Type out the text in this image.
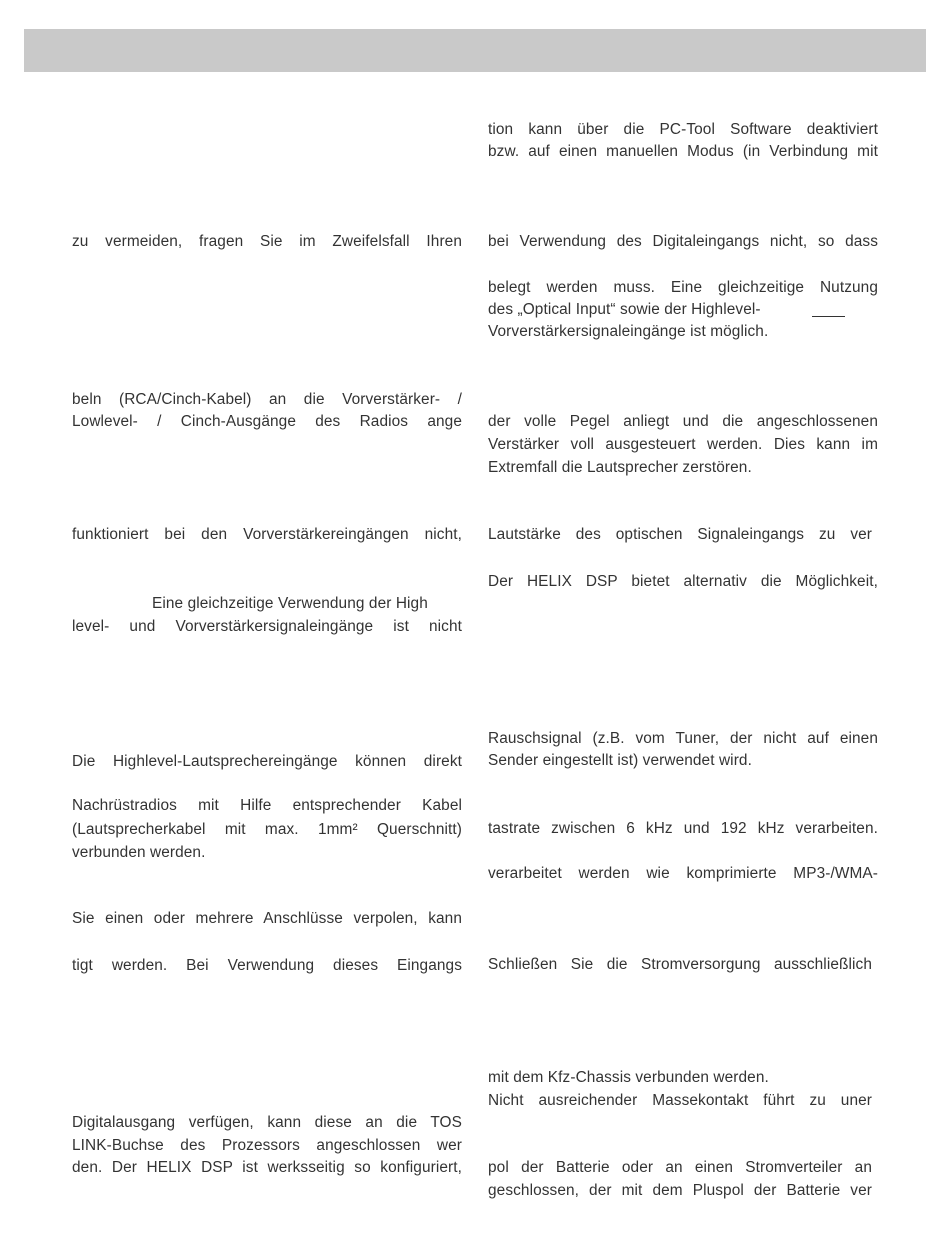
zu vermeiden, fragen Sie im Zweifelsfall Ihren
beln (RCA/Cinch-Kabel) an die Vorverstärker- /
Lowlevel- / Cinch-Ausgänge des Radios ange
funktioniert bei den Vorverstärkereingängen nicht,
Eine gleichzeitige Verwendung der High
level- und Vorverstärkersignaleingänge ist nicht
Die Highlevel-Lautsprechereingänge können direkt
Nachrüstradios mit Hilfe entsprechender Kabel
(Lautsprecherkabel mit max. 1mm² Querschnitt)
verbunden werden.
Sie einen oder mehrere Anschlüsse verpolen, kann
tigt werden. Bei Verwendung dieses Eingangs
Digitalausgang verfügen, kann diese an die TOS
LINK-Buchse des Prozessors angeschlossen wer
den. Der HELIX DSP ist werksseitig so konfiguriert,
tion kann über die PC-Tool Software deaktiviert
bzw. auf einen manuellen Modus (in Verbindung mit
bei Verwendung des Digitaleingangs nicht, so dass
belegt werden muss. Eine gleichzeitige Nutzung
des „Optical Input“ sowie der Highlevel-
Vorverstärkersignaleingänge ist möglich.
der volle Pegel anliegt und die angeschlossenen
Verstärker voll ausgesteuert werden. Dies kann im
Extremfall die Lautsprecher zerstören.
Lautstärke des optischen Signaleingangs zu ver
Der HELIX DSP bietet alternativ die Möglichkeit,
Rauschsignal (z.B. vom Tuner, der nicht auf einen
Sender eingestellt ist) verwendet wird.
tastrate zwischen 6 kHz und 192 kHz verarbeiten.
verarbeitet werden wie komprimierte MP3-/WMA-
Schließen Sie die Stromversorgung ausschließlich
mit dem Kfz-Chassis verbunden werden.
Nicht ausreichender Massekontakt führt zu uner
pol der Batterie oder an einen Stromverteiler an
geschlossen, der mit dem Pluspol der Batterie ver
